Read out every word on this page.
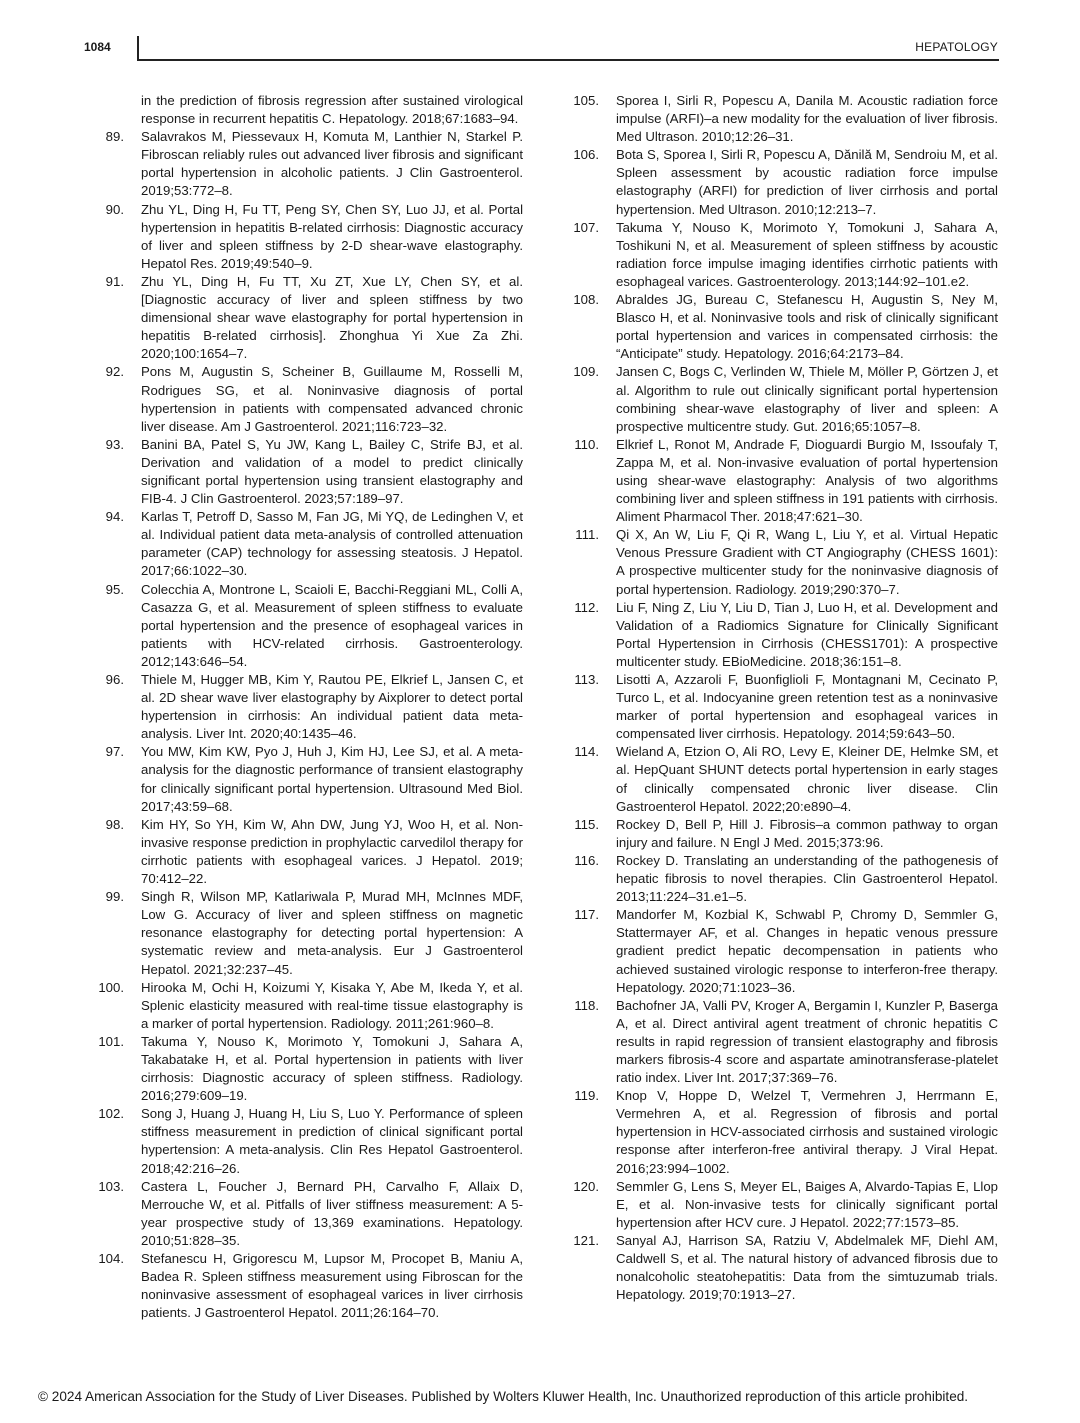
1084	HEPATOLOGY
in the prediction of fibrosis regression after sustained virological response in recurrent hepatitis C. Hepatology. 2018;67:1683–94.
89. Salavrakos M, Piessevaux H, Komuta M, Lanthier N, Starkel P. Fibroscan reliably rules out advanced liver fibrosis and significant portal hypertension in alcoholic patients. J Clin Gastroenterol. 2019;53:772–8.
90. Zhu YL, Ding H, Fu TT, Peng SY, Chen SY, Luo JJ, et al. Portal hypertension in hepatitis B-related cirrhosis: Diagnostic accuracy of liver and spleen stiffness by 2-D shear-wave elastography. Hepatol Res. 2019;49:540–9.
91. Zhu YL, Ding H, Fu TT, Xu ZT, Xue LY, Chen SY, et al. [Diagnostic accuracy of liver and spleen stiffness by two dimensional shear wave elastography for portal hypertension in hepatitis B-related cirrhosis]. Zhonghua Yi Xue Za Zhi. 2020;100:1654–7.
92. Pons M, Augustin S, Scheiner B, Guillaume M, Rosselli M, Rodrigues SG, et al. Noninvasive diagnosis of portal hypertension in patients with compensated advanced chronic liver disease. Am J Gastroenterol. 2021;116:723–32.
93. Banini BA, Patel S, Yu JW, Kang L, Bailey C, Strife BJ, et al. Derivation and validation of a model to predict clinically significant portal hypertension using transient elastography and FIB-4. J Clin Gastroenterol. 2023;57:189–97.
94. Karlas T, Petroff D, Sasso M, Fan JG, Mi YQ, de Ledinghen V, et al. Individual patient data meta-analysis of controlled attenuation parameter (CAP) technology for assessing steatosis. J Hepatol. 2017;66:1022–30.
95. Colecchia A, Montrone L, Scaioli E, Bacchi-Reggiani ML, Colli A, Casazza G, et al. Measurement of spleen stiffness to evaluate portal hypertension and the presence of esophageal varices in patients with HCV-related cirrhosis. Gastroenterology. 2012;143:646–54.
96. Thiele M, Hugger MB, Kim Y, Rautou PE, Elkrief L, Jansen C, et al. 2D shear wave liver elastography by Aixplorer to detect portal hypertension in cirrhosis: An individual patient data meta-analysis. Liver Int. 2020;40:1435–46.
97. You MW, Kim KW, Pyo J, Huh J, Kim HJ, Lee SJ, et al. A meta-analysis for the diagnostic performance of transient elastography for clinically significant portal hypertension. Ultrasound Med Biol. 2017;43:59–68.
98. Kim HY, So YH, Kim W, Ahn DW, Jung YJ, Woo H, et al. Non-invasive response prediction in prophylactic carvedilol therapy for cirrhotic patients with esophageal varices. J Hepatol. 2019; 70:412–22.
99. Singh R, Wilson MP, Katlariwala P, Murad MH, McInnes MDF, Low G. Accuracy of liver and spleen stiffness on magnetic resonance elastography for detecting portal hypertension: A systematic review and meta-analysis. Eur J Gastroenterol Hepatol. 2021;32:237–45.
100. Hirooka M, Ochi H, Koizumi Y, Kisaka Y, Abe M, Ikeda Y, et al. Splenic elasticity measured with real-time tissue elastography is a marker of portal hypertension. Radiology. 2011;261:960–8.
101. Takuma Y, Nouso K, Morimoto Y, Tomokuni J, Sahara A, Takabatake H, et al. Portal hypertension in patients with liver cirrhosis: Diagnostic accuracy of spleen stiffness. Radiology. 2016;279:609–19.
102. Song J, Huang J, Huang H, Liu S, Luo Y. Performance of spleen stiffness measurement in prediction of clinical significant portal hypertension: A meta-analysis. Clin Res Hepatol Gastroenterol. 2018;42:216–26.
103. Castera L, Foucher J, Bernard PH, Carvalho F, Allaix D, Merrouche W, et al. Pitfalls of liver stiffness measurement: A 5-year prospective study of 13,369 examinations. Hepatology. 2010;51:828–35.
104. Stefanescu H, Grigorescu M, Lupsor M, Procopet B, Maniu A, Badea R. Spleen stiffness measurement using Fibroscan for the noninvasive assessment of esophageal varices in liver cirrhosis patients. J Gastroenterol Hepatol. 2011;26:164–70.
105. Sporea I, Sirli R, Popescu A, Danila M. Acoustic radiation force impulse (ARFI)–a new modality for the evaluation of liver fibrosis. Med Ultrason. 2010;12:26–31.
106. Bota S, Sporea I, Sirli R, Popescu A, Dănilă M, Sendroiu M, et al. Spleen assessment by acoustic radiation force impulse elastography (ARFI) for prediction of liver cirrhosis and portal hypertension. Med Ultrason. 2010;12:213–7.
107. Takuma Y, Nouso K, Morimoto Y, Tomokuni J, Sahara A, Toshikuni N, et al. Measurement of spleen stiffness by acoustic radiation force impulse imaging identifies cirrhotic patients with esophageal varices. Gastroenterology. 2013;144:92–101.e2.
108. Abraldes JG, Bureau C, Stefanescu H, Augustin S, Ney M, Blasco H, et al. Noninvasive tools and risk of clinically significant portal hypertension and varices in compensated cirrhosis: the “Anticipate” study. Hepatology. 2016;64:2173–84.
109. Jansen C, Bogs C, Verlinden W, Thiele M, Möller P, Görtzen J, et al. Algorithm to rule out clinically significant portal hypertension combining shear-wave elastography of liver and spleen: A prospective multicentre study. Gut. 2016;65:1057–8.
110. Elkrief L, Ronot M, Andrade F, Dioguardi Burgio M, Issoufaly T, Zappa M, et al. Non-invasive evaluation of portal hypertension using shear-wave elastography: Analysis of two algorithms combining liver and spleen stiffness in 191 patients with cirrhosis. Aliment Pharmacol Ther. 2018;47:621–30.
111. Qi X, An W, Liu F, Qi R, Wang L, Liu Y, et al. Virtual Hepatic Venous Pressure Gradient with CT Angiography (CHESS 1601): A prospective multicenter study for the noninvasive diagnosis of portal hypertension. Radiology. 2019;290:370–7.
112. Liu F, Ning Z, Liu Y, Liu D, Tian J, Luo H, et al. Development and Validation of a Radiomics Signature for Clinically Significant Portal Hypertension in Cirrhosis (CHESS1701): A prospective multicenter study. EBioMedicine. 2018;36:151–8.
113. Lisotti A, Azzaroli F, Buonfiglioli F, Montagnani M, Cecinato P, Turco L, et al. Indocyanine green retention test as a noninvasive marker of portal hypertension and esophageal varices in compensated liver cirrhosis. Hepatology. 2014;59:643–50.
114. Wieland A, Etzion O, Ali RO, Levy E, Kleiner DE, Helmke SM, et al. HepQuant SHUNT detects portal hypertension in early stages of clinically compensated chronic liver disease. Clin Gastroenterol Hepatol. 2022;20:e890–4.
115. Rockey D, Bell P, Hill J. Fibrosis–a common pathway to organ injury and failure. N Engl J Med. 2015;373:96.
116. Rockey D. Translating an understanding of the pathogenesis of hepatic fibrosis to novel therapies. Clin Gastroenterol Hepatol. 2013;11:224–31.e1–5.
117. Mandorfer M, Kozbial K, Schwabl P, Chromy D, Semmler G, Stattermayer AF, et al. Changes in hepatic venous pressure gradient predict hepatic decompensation in patients who achieved sustained virologic response to interferon-free therapy. Hepatology. 2020;71:1023–36.
118. Bachofner JA, Valli PV, Kroger A, Bergamin I, Kunzler P, Baserga A, et al. Direct antiviral agent treatment of chronic hepatitis C results in rapid regression of transient elastography and fibrosis markers fibrosis-4 score and aspartate aminotransferase-platelet ratio index. Liver Int. 2017;37:369–76.
119. Knop V, Hoppe D, Welzel T, Vermehren J, Herrmann E, Vermehren A, et al. Regression of fibrosis and portal hypertension in HCV-associated cirrhosis and sustained virologic response after interferon-free antiviral therapy. J Viral Hepat. 2016;23:994–1002.
120. Semmler G, Lens S, Meyer EL, Baiges A, Alvardo-Tapias E, Llop E, et al. Non-invasive tests for clinically significant portal hypertension after HCV cure. J Hepatol. 2022;77:1573–85.
121. Sanyal AJ, Harrison SA, Ratziu V, Abdelmalek MF, Diehl AM, Caldwell S, et al. The natural history of advanced fibrosis due to nonalcoholic steatohepatitis: Data from the simtuzumab trials. Hepatology. 2019;70:1913–27.
© 2024 American Association for the Study of Liver Diseases. Published by Wolters Kluwer Health, Inc. Unauthorized reproduction of this article prohibited.
